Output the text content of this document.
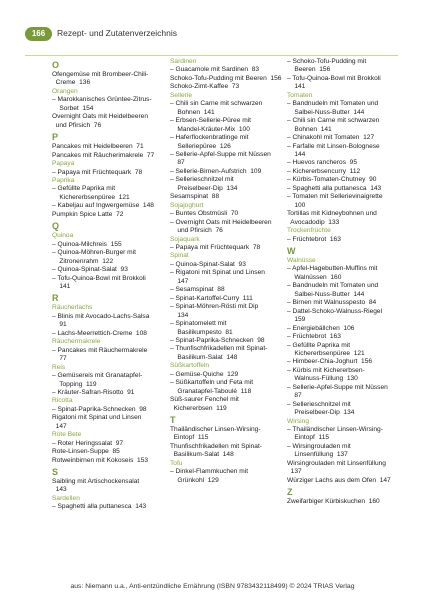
166	Rezept- und Zutatenverzeichnis
O
Ofengemüse mit Brombeer-Chili-
Creme  136
Orangen
– Marokkanisches Grüntee-Zitrus-
Sorbet  154
Overnight Oats mit Heidelbeeren
und Pfirsich  76
P
Pancakes mit Heidelbeeren  71
Pancakes mit Räucherimakrele  77
Papaya
– Papaya mit Früchtequark  78
Paprika
– Gefüllte Paprika mit
Kichererbsenpüree  121
– Kabeljau auf Ingwergemüse  148
Pumpkin Spice Latte  72
Q
Quinoa
– Quinoa-Milchreis  155
– Quinoa-Möhren-Burger mit
Zitronenrahm  122
– Quinoa-Spinat-Salat  93
– Tofu-Quinoa-Bowl mit Brokkoli
141
R
Räucherlachs
– Blinis mit Avocado-Lachs-Salsa
91
– Lachs-Meerrettich-Creme  108
Räuchermakrele
– Pancakes mit Räuchermakrele
77
Reis
– Gemüsereis mit Granatapfel-
Topping  119
– Kräuter-Safran-Risotto  91
Ricotta
– Spinat-Paprika-Schnecken  98
Rigatoni mit Spinat und Linsen
147
Rote Bete
– Roter Heringssalat  97
Rote-Linsen-Suppe  85
Rotweinbirnen mit Kokoseis  153
S
Saibling mit Artischockensalat
143
Sardellen
– Spaghetti alla puttanesca  143
Sardinen
– Guacamole mit Sardinen  83
Schoko-Tofu-Pudding mit Beeren  156
Schoko-Zimt-Kaffee  73
Sellerie
– Chili sin Carne mit schwarzen
Bohnen  141
– Erbsen-Sellerie-Püree mit
Mandel-Kräuter-Mix  100
– Haferflockenbratlinge mit
Selleriepüree  126
– Sellerie-Apfel-Suppe mit Nüssen
87
– Sellerie-Birnen-Aufstrich  109
– Sellerieschnitzel mit
Preiselbeer-Dip  134
Sesamspinat  88
Sojajoghurt
– Buntes Obstmüsli  70
– Overnight Oats mit Heidelbeeren
und Pfirsich  76
Sojaquark
– Papaya mit Früchtequark  78
Spinat
– Quinoa-Spinat-Salat  93
– Rigatoni mit Spinat und Linsen
147
– Sesamspinat  88
– Spinat-Kartoffel-Curry  111
– Spinat-Möhren-Rösti mit Dip
134
– Spinatomelett mit
Basilikumpesto  81
– Spinat-Paprika-Schnecken  98
– Thunfischfrikadellen mit Spinat-
Basilikum-Salat  148
Süßkartoffeln
– Gemüse-Quiche  129
– Süßkartoffeln und Feta mit
Granatapfel-Taboulé  118
Süß-saurer Fenchel mit
Kichererbsen  119
T
Thailändischer Linsen-Wirsing-
Eintopf  115
Thunfischfrikadellen mit Spinat-
Basilikum-Salat  148
Tofu
– Dinkel-Flammkuchen mit
Grünkohl  129
– Schoko-Tofu-Pudding mit
Beeren  156
– Tofu-Quinoa-Bowl mit Brokkoli
141
Tomaten
– Bandnudeln mit Tomaten und
Salbei-Nuss-Butter  144
– Chili sin Carne mit schwarzen
Bohnen  141
– Chinakohl mit Tomaten  127
– Farfalle mit Linsen-Bolognese
144
– Huevos rancheros  95
– Kichererbsencurry  112
– Kürbis-Tomaten-Chutney  90
– Spaghetti alla puttanesca  143
– Tomaten mit Sellerievinaigrette
100
Tortillas mit Kidneybohnen und
Avocadodip  133
Trockenfrüchte
– Früchtebrot  163
W
Walnüsse
– Apfel-Hagebutten-Muffins mit
Walnüssen  160
– Bandnudeln mit Tomaten und
Salbei-Nuss-Butter  144
– Birnen mit Walnusspesto  84
– Dattel-Schoko-Walnuss-Riegel
159
– Energiebällchen  106
– Früchtebrot  163
– Gefüllte Paprika mit
Kichererbsenpüree  121
– Himbeer-Chia-Joghurt  156
– Kürbis mit Kichererbsen-
Walnuss-Füllung  130
– Sellerie-Apfel-Suppe mit Nüssen
87
– Sellerieschnitzel mit
Preiselbeer-Dip  134
Wirsing
– Thailändischer Linsen-Wirsing-
Eintopf  115
– Wirsingrouladen mit
Linsenfüllung  137
Wirsingrouladen mit Linsenfüllung
137
Würziger Lachs aus dem Ofen  147
Z
Zweifarbiger Kürbiskuchen  160
aus: Niemann u.a., Anti-entzündliche Ernährung (ISBN 9783432118499) © 2024 TRIAS Verlag
